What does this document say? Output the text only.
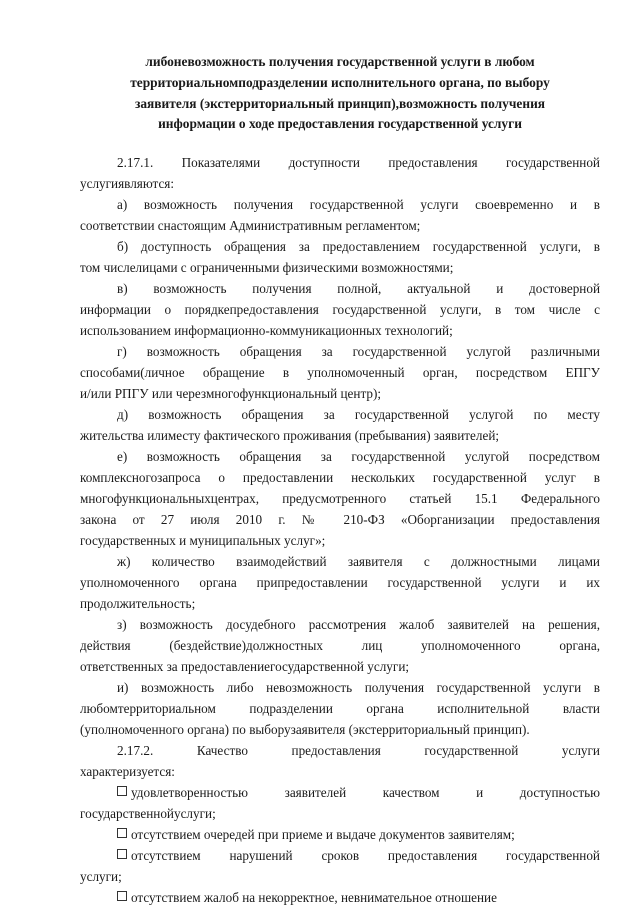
либоневозможность получения государственной услуги в любом
территориальномподразделении исполнительного органа, по выбору
заявителя (экстерриториальный принцип),возможность получения
информации о ходе предоставления государственной услуги
2.17.1. Показателями доступности предоставления государственной
услугиявляются:
а) возможность получения государственной услуги своевременно и в
соответствии снастоящим Административным регламентом;
б) доступность обращения за предоставлением государственной услуги, в
том числелицами с ограниченными физическими возможностями;
в) возможность получения полной, актуальной и достоверной
информации о порядкепредоставления государственной услуги, в том числе с
использованием информационно-коммуникационных технологий;
г) возможность обращения за государственной услугой различными
способами(личное обращение в уполномоченный орган, посредством ЕПГУ
и/или РПГУ или черезмногофункциональный центр);
д) возможность обращения за государственной услугой по месту
жительства илиместу фактического проживания (пребывания) заявителей;
е) возможность обращения за государственной услугой посредством
комплексногозапроса о предоставлении нескольких государственной услуг в
многофункциональныхцентрах, предусмотренного статьей 15.1 Федерального
закона от 27 июля 2010 г. № 210-ФЗ «Оборганизации предоставления
государственных и муниципальных услуг»;
ж) количество взаимодействий заявителя с должностными лицами
уполномоченного органа припредоставлении государственной услуги и их
продолжительность;
з) возможность досудебного рассмотрения жалоб заявителей на решения,
действия (бездействие)должностных лиц уполномоченного органа,
ответственных за предоставлениегосударственной услуги;
и) возможность либо невозможность получения государственной услуги в
любомтерриториальном подразделении органа исполнительной власти
(уполномоченного органа) по выборузаявителя (экстерриториальный принцип).
2.17.2. Качество предоставления государственной услуги
характеризуется:
удовлетворенностью заявителей качеством и доступностью
государственнойуслуги;
отсутствием очередей при приеме и выдаче документов заявителям;
отсутствием нарушений сроков предоставления государственной
услуги;
отсутствием жалоб на некорректное, невнимательное отношение
